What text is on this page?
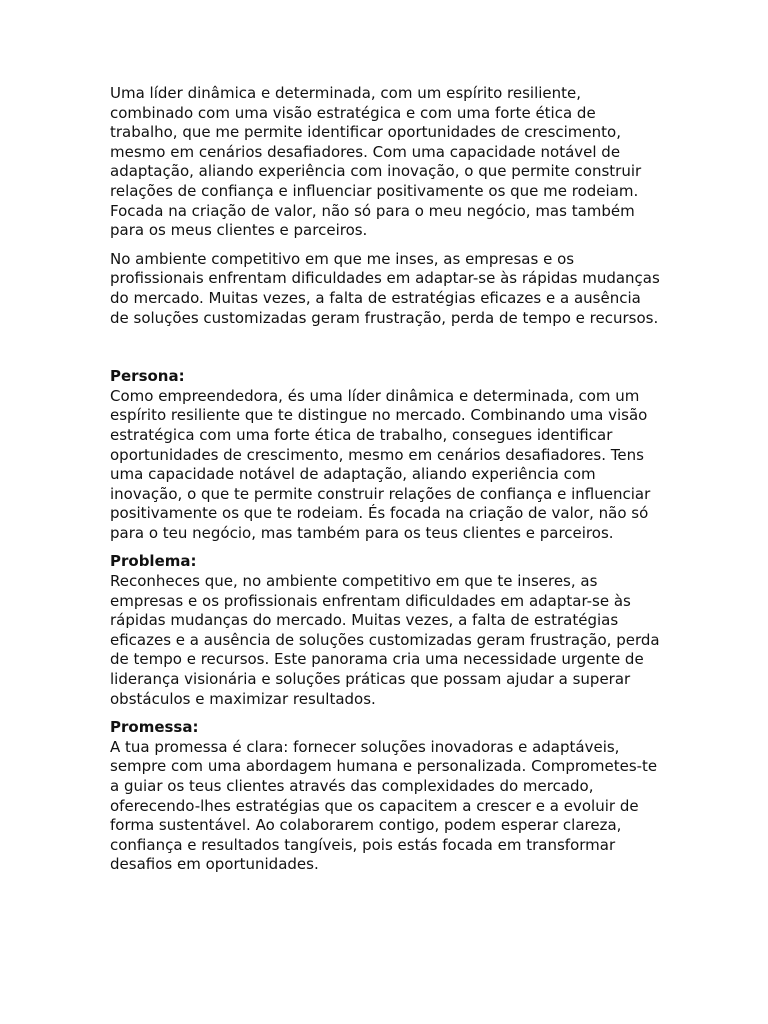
Uma líder dinâmica e determinada, com um espírito resiliente, combinado com uma visão estratégica e com uma forte ética de trabalho, que me permite identificar oportunidades de crescimento, mesmo em cenários desafiadores. Com uma capacidade notável de adaptação, aliando experiência com inovação, o que permite construir relações de confiança e influenciar positivamente os que me rodeiam. Focada na criação de valor, não só para o meu negócio, mas também para os meus clientes e parceiros.

No ambiente competitivo em que me inses, as empresas e os profissionais enfrentam dificuldades em adaptar-se às rápidas mudanças do mercado. Muitas vezes, a falta de estratégias eficazes e a ausência de soluções customizadas geram frustração, perda de tempo e recursos.

Persona:
Como empreendedora, és uma líder dinâmica e determinada, com um espírito resiliente que te distingue no mercado. Combinando uma visão estratégica com uma forte ética de trabalho, consegues identificar oportunidades de crescimento, mesmo em cenários desafiadores. Tens uma capacidade notável de adaptação, aliando experiência com inovação, o que te permite construir relações de confiança e influenciar positivamente os que te rodeiam. És focada na criação de valor, não só para o teu negócio, mas também para os teus clientes e parceiros.
Problema:
Reconheces que, no ambiente competitivo em que te inseres, as empresas e os profissionais enfrentam dificuldades em adaptar-se às rápidas mudanças do mercado. Muitas vezes, a falta de estratégias eficazes e a ausência de soluções customizadas geram frustração, perda de tempo e recursos. Este panorama cria uma necessidade urgente de liderança visionária e soluções práticas que possam ajudar a superar obstáculos e maximizar resultados.
Promessa:
A tua promessa é clara: fornecer soluções inovadoras e adaptáveis, sempre com uma abordagem humana e personalizada. Comprometes-te a guiar os teus clientes através das complexidades do mercado, oferecendo-lhes estratégias que os capacitem a crescer e a evoluir de forma sustentável. Ao colaborarem contigo, podem esperar clareza, confiança e resultados tangíveis, pois estás focada em transformar desafios em oportunidades.
